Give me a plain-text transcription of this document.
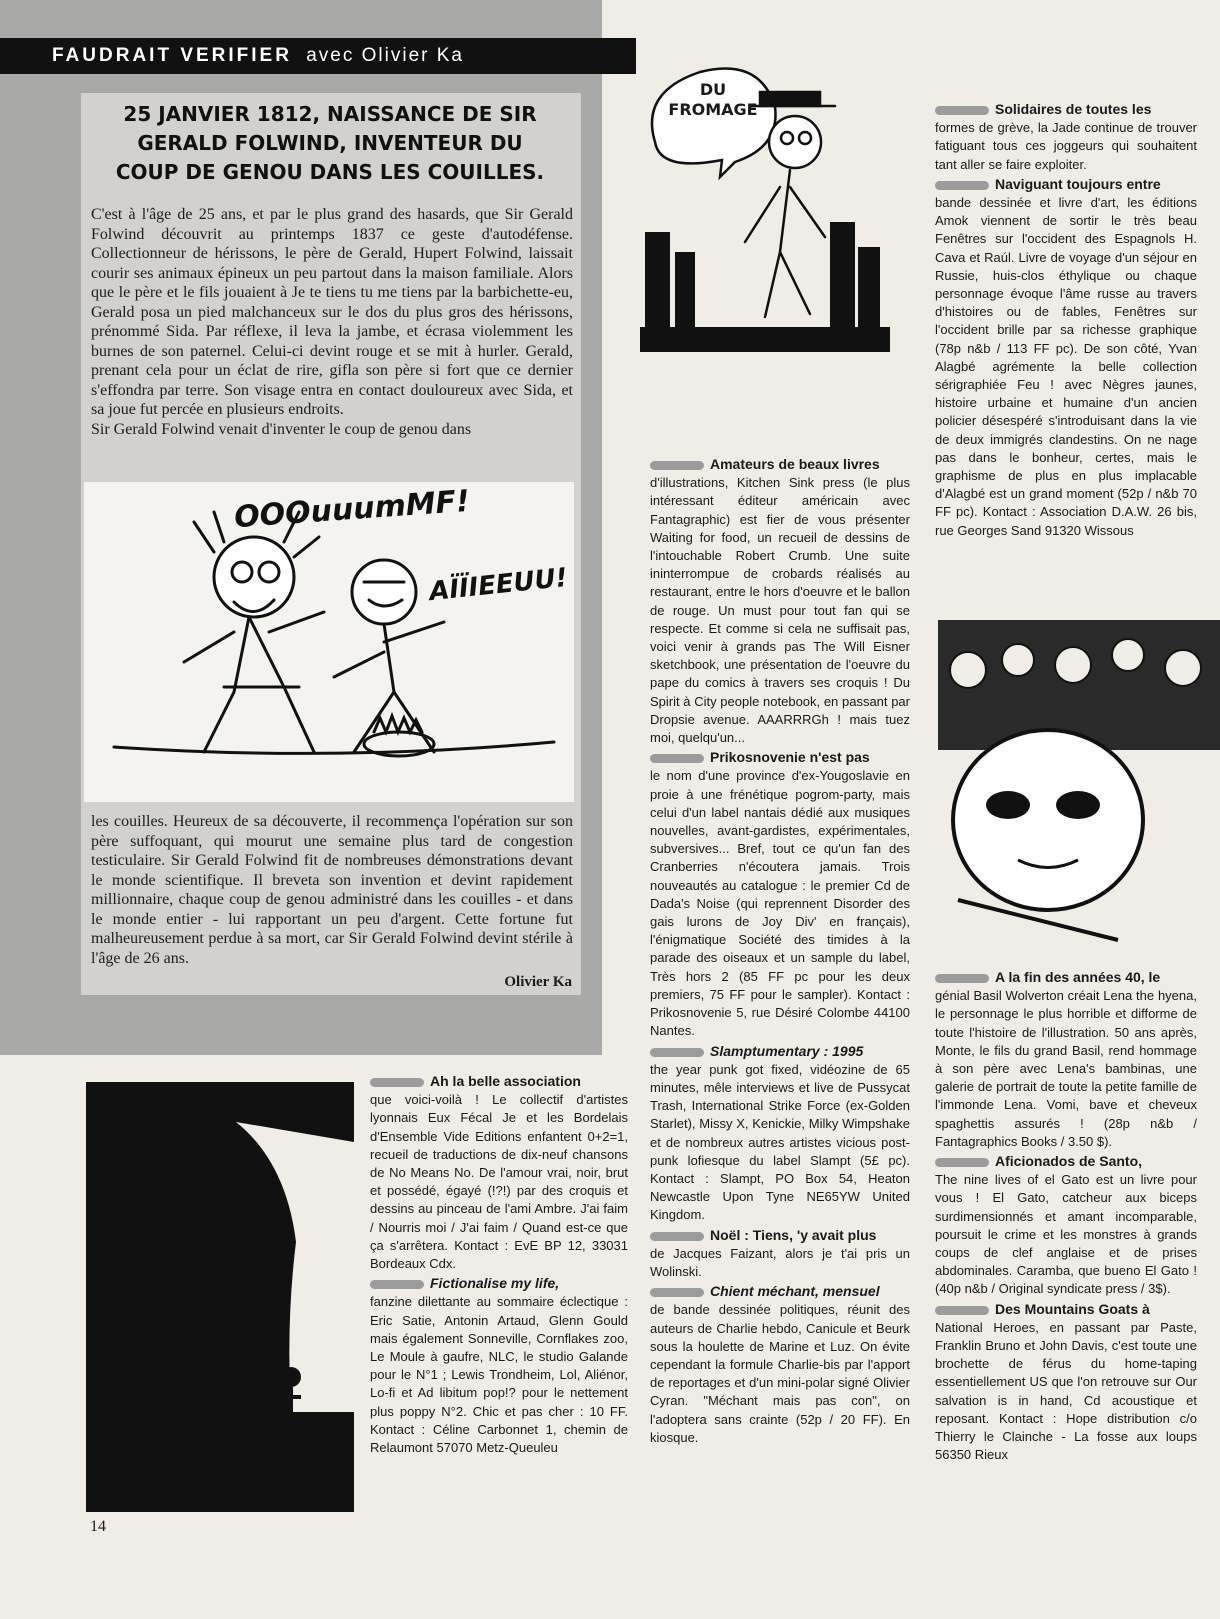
FAUDRAIT VERIFIER avec Olivier Ka
25 JANVIER 1812, NAISSANCE DE SIR
GERALD FOLWIND, INVENTEUR DU
COUP DE GENOU DANS LES COUILLES.

C'est à l'âge de 25 ans, et par le plus grand des hasards, que Sir Gerald Folwind découvrit au printemps 1837 ce geste d'autodéfense. Collectionneur de hérissons, le père de Gerald, Hupert Folwind, laissait courir ses animaux épineux un peu partout dans la maison familiale. Alors que le père et le fils jouaient à Je te tiens tu me tiens par la barbichette-eu, Gerald posa un pied malchanceux sur le dos du plus gros des hérissons, prénommé Sida. Par réflexe, il leva la jambe, et écrasa violemment les burnes de son paternel. Celui-ci devint rouge et se mit à hurler. Gerald, prenant cela pour un éclat de rire, gifla son père si fort que ce dernier s'effondra par terre. Son visage entra en contact douloureux avec Sida, et sa joue fut percée en plusieurs endroits.

Sir Gerald Folwind venait d'inventer le coup de genou dans

OOOuuumMF!
AÏÏIEEUU!

les couilles. Heureux de sa découverte, il recommença l'opération sur son père suffoquant, qui mourut une semaine plus tard de congestion testiculaire. Sir Gerald Folwind fit de nombreuses démonstrations devant le monde scientifique. Il breveta son invention et devint rapidement millionnaire, chaque coup de genou administré dans les couilles - et dans le monde entier - lui rapportant un peu d'argent. Cette fortune fut malheureusement perdue à sa mort, car Sir Gerald Folwind devint stérile à l'âge de 26 ans.

Olivier Ka
DU
FROMAGE
Ah la belle association
que voici-voilà ! Le collectif d'artistes lyonnais Eux Fécal Je et les Bordelais d'Ensemble Vide Editions enfantent 0+2=1, recueil de traductions de dix-neuf chansons de No Means No. De l'amour vrai, noir, brut et possédé, égayé (!?!) par des croquis et dessins au pinceau de l'ami Ambre. J'ai faim / Nourris moi / J'ai faim / Quand est-ce que ça s'arrêtera. Kontact : EvE BP 12, 33031 Bordeaux Cdx.
Fictionalise my life,
fanzine dilettante au sommaire éclectique : Eric Satie, Antonin Artaud, Glenn Gould mais également Sonneville, Cornflakes zoo, Le Moule à gaufre, NLC, le studio Galande pour le N°1 ; Lewis Trondheim, Lol, Aliénor, Lo-fi et Ad libitum pop!? pour le nettement plus poppy N°2. Chic et pas cher : 10 FF. Kontact : Céline Carbonnet 1, chemin de Relaumont 57070 Metz-Queuleu
Amateurs de beaux livres
d'illustrations, Kitchen Sink press (le plus intéressant éditeur américain avec Fantagraphic) est fier de vous présenter Waiting for food, un recueil de dessins de l'intouchable Robert Crumb. Une suite ininterrompue de crobards réalisés au restaurant, entre le hors d'oeuvre et le ballon de rouge. Un must pour tout fan qui se respecte. Et comme si cela ne suffisait pas, voici venir à grands pas The Will Eisner sketchbook, une présentation de l'oeuvre du pape du comics à travers ses croquis ! Du Spirit à City people notebook, en passant par Dropsie avenue. AAARRRGh ! mais tuez moi, quelqu'un...
Prikosnovenie n'est pas
le nom d'une province d'ex-Yougoslavie en proie à une frénétique pogrom-party, mais celui d'un label nantais dédié aux musiques nouvelles, avant-gardistes, expérimentales, subversives... Bref, tout ce qu'un fan des Cranberries n'écoutera jamais. Trois nouveautés au catalogue : le premier Cd de Dada's Noise (qui reprennent Disorder des gais lurons de Joy Div' en français), l'énigmatique Société des timides à la parade des oiseaux et un sample du label, Très hors 2 (85 FF pc pour les deux premiers, 75 FF pour le sampler). Kontact : Prikosnovenie 5, rue Désiré Colombe 44100 Nantes.
Slamptumentary : 1995
the year punk got fixed, vidéozine de 65 minutes, mêle interviews et live de Pussycat Trash, International Strike Force (ex-Golden Starlet), Missy X, Kenickie, Milky Wimpshake et de nombreux autres artistes vicious post-punk lofiesque du label Slampt (5£ pc). Kontact : Slampt, PO Box 54, Heaton Newcastle Upon Tyne NE65YW United Kingdom.
Noël : Tiens, 'y avait plus
de Jacques Faizant, alors je t'ai pris un Wolinski.
Chient méchant, mensuel
de bande dessinée politiques, réunit des auteurs de Charlie hebdo, Canicule et Beurk sous la houlette de Marine et Luz. On évite cependant la formule Charlie-bis par l'apport de reportages et d'un mini-polar signé Olivier Cyran. "Méchant mais pas con", on l'adoptera sans crainte (52p / 20 FF). En kiosque.
Solidaires de toutes les
formes de grève, la Jade continue de trouver fatiguant tous ces joggeurs qui souhaitent tant aller se faire exploiter.
Naviguant toujours entre
bande dessinée et livre d'art, les éditions Amok viennent de sortir le très beau Fenêtres sur l'occident des Espagnols H. Cava et Raúl. Livre de voyage d'un séjour en Russie, huis-clos éthylique ou chaque personnage évoque l'âme russe au travers d'histoires ou de fables, Fenêtres sur l'occident brille par sa richesse graphique (78p n&b / 113 FF pc). De son côté, Yvan Alagbé agrémente la belle collection sérigraphiée Feu ! avec Nègres jaunes, histoire urbaine et humaine d'un ancien policier désespéré s'introduisant dans la vie de deux immigrés clandestins. On ne nage pas dans le bonheur, certes, mais le graphisme de plus en plus implacable d'Alagbé est un grand moment (52p / n&b 70 FF pc). Kontact : Association D.A.W. 26 bis, rue Georges Sand 91320 Wissous
A la fin des années 40, le
génial Basil Wolverton créait Lena the hyena, le personnage le plus horrible et difforme de toute l'histoire de l'illustration. 50 ans après, Monte, le fils du grand Basil, rend hommage à son père avec Lena's bambinas, une galerie de portrait de toute la petite famille de l'immonde Lena. Vomi, bave et cheveux spaghettis assurés ! (28p n&b / Fantagraphics Books / 3.50 $).
Aficionados de Santo,
The nine lives of el Gato est un livre pour vous ! El Gato, catcheur aux biceps surdimensionnés et amant incomparable, poursuit le crime et les monstres à grands coups de clef anglaise et de prises abdominales. Caramba, que bueno El Gato ! (40p n&b / Original syndicate press / 3$).
Des Mountains Goats à
National Heroes, en passant par Paste, Franklin Bruno et John Davis, c'est toute une brochette de férus du home-taping essentiellement US que l'on retrouve sur Our salvation is in hand, Cd acoustique et reposant. Kontact : Hope distribution c/o Thierry le Clainche - La fosse aux loups 56350 Rieux
14
